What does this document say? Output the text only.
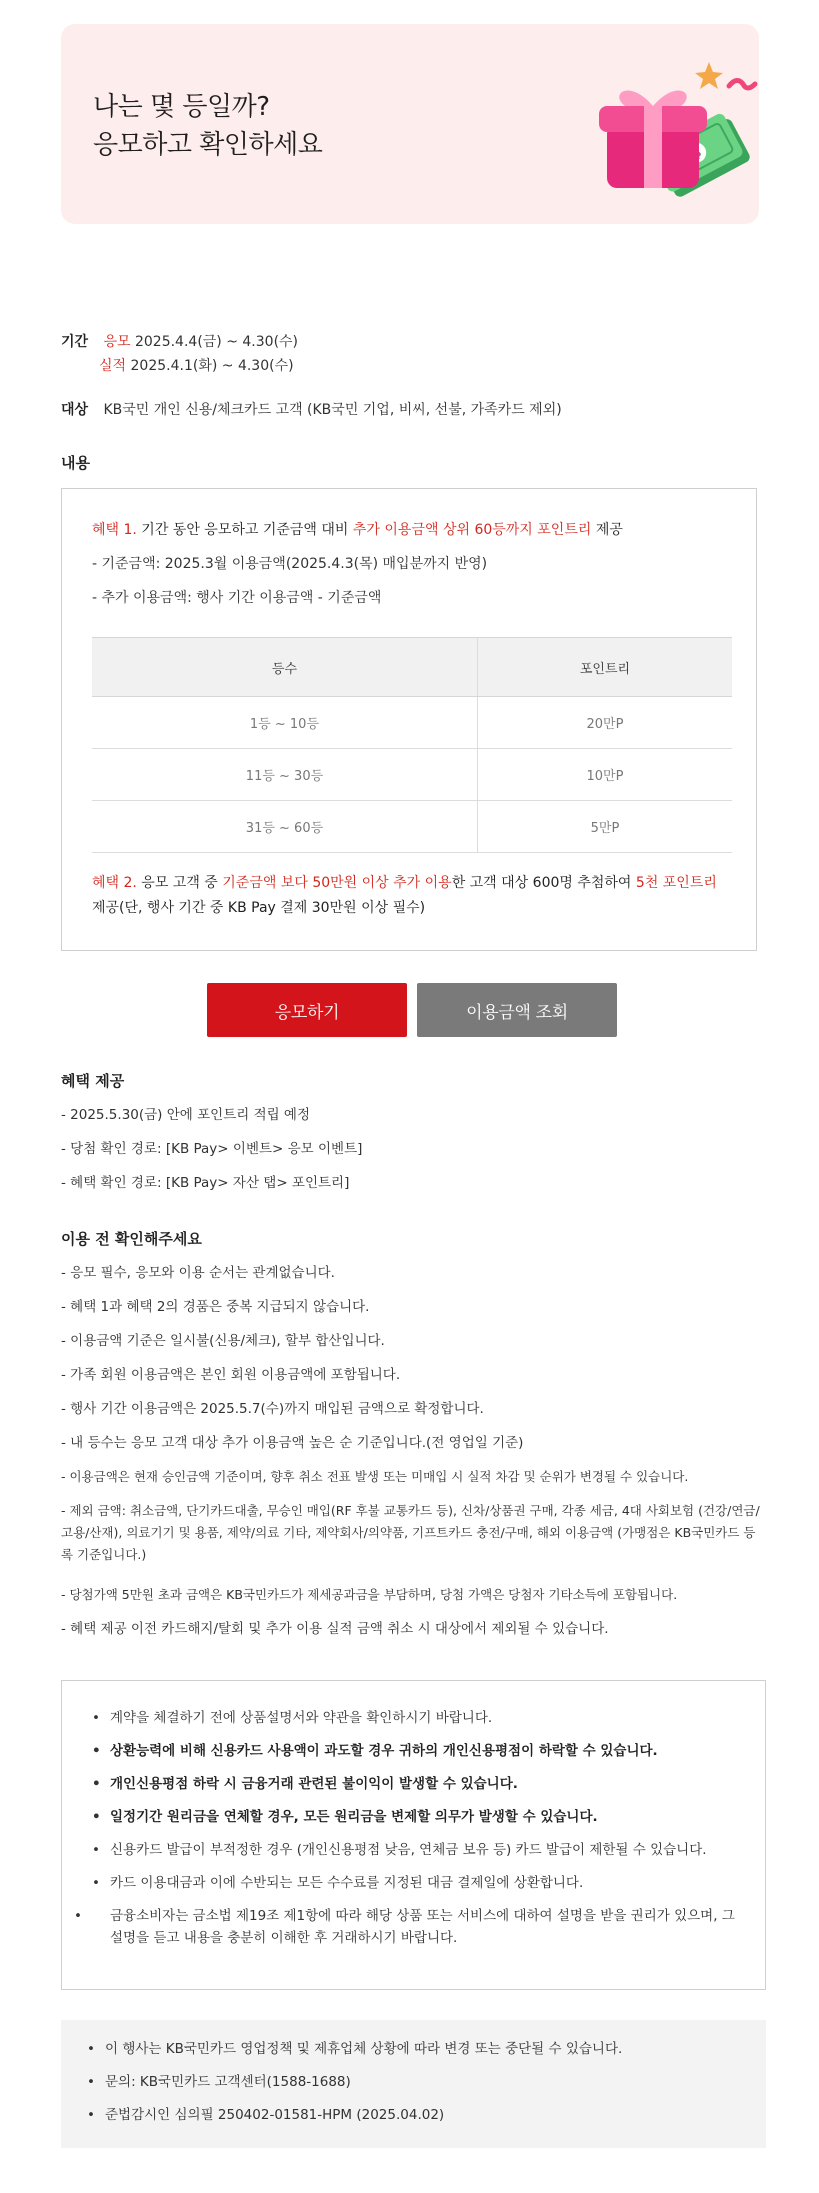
나는 몇 등일까?
응모하고 확인하세요
기간 응모 2025.4.4(금) ~ 4.30(수)
실적 2025.4.1(화) ~ 4.30(수)
대상 KB국민 개인 신용/체크카드 고객 (KB국민 기업, 비씨, 선불, 가족카드 제외)
내용
혜택 1. 기간 동안 응모하고 기준금액 대비 추가 이용금액 상위 60등까지 포인트리 제공
- 기준금액: 2025.3월 이용금액(2025.4.3(목) 매입분까지 반영)
- 추가 이용금액: 행사 기간 이용금액 - 기준금액
등수	포인트리
1등 ~ 10등	20만P
11등 ~ 30등	10만P
31등 ~ 60등	5만P
혜택 2. 응모 고객 중 기준금액 보다 50만원 이상 추가 이용한 고객 대상 600명 추첨하여 5천 포인트리
제공(단, 행사 기간 중 KB Pay 결제 30만원 이상 필수)
응모하기	이용금액 조회
혜택 제공
- 2025.5.30(금) 안에 포인트리 적립 예정
- 당첨 확인 경로: [KB Pay> 이벤트> 응모 이벤트]
- 혜택 확인 경로: [KB Pay> 자산 탭> 포인트리]
이용 전 확인해주세요
- 응모 필수, 응모와 이용 순서는 관계없습니다.
- 혜택 1과 혜택 2의 경품은 중복 지급되지 않습니다.
- 이용금액 기준은 일시불(신용/체크), 할부 합산입니다.
- 가족 회원 이용금액은 본인 회원 이용금액에 포함됩니다.
- 행사 기간 이용금액은 2025.5.7(수)까지 매입된 금액으로 확정합니다.
- 내 등수는 응모 고객 대상 추가 이용금액 높은 순 기준입니다.(전 영업일 기준)
- 이용금액은 현재 승인금액 기준이며, 향후 취소 전표 발생 또는 미매입 시 실적 차감 및 순위가 변경될 수 있습니다.
- 제외 금액: 취소금액, 단기카드대출, 무승인 매입(RF 후불 교통카드 등), 신차/상품권 구매, 각종 세금, 4대 사회보험 (건강/연금/고용/산재), 의료기기 및 용품, 제약/의료 기타, 제약회사/의약품, 기프트카드 충전/구매, 해외 이용금액 (가맹점은 KB국민카드 등록 기준입니다.)
- 당첨가액 5만원 초과 금액은 KB국민카드가 제세공과금을 부담하며, 당첨 가액은 당첨자 기타소득에 포함됩니다.
- 혜택 제공 이전 카드해지/탈회 및 추가 이용 실적 금액 취소 시 대상에서 제외될 수 있습니다.
• 계약을 체결하기 전에 상품설명서와 약관을 확인하시기 바랍니다.
• 상환능력에 비해 신용카드 사용액이 과도할 경우 귀하의 개인신용평점이 하락할 수 있습니다.
• 개인신용평점 하락 시 금융거래 관련된 불이익이 발생할 수 있습니다.
• 일정기간 원리금을 연체할 경우, 모든 원리금을 변제할 의무가 발생할 수 있습니다.
• 신용카드 발급이 부적정한 경우 (개인신용평점 낮음, 연체금 보유 등) 카드 발급이 제한될 수 있습니다.
• 카드 이용대금과 이에 수반되는 모든 수수료를 지정된 대금 결제일에 상환합니다.
• 금융소비자는 금소법 제19조 제1항에 따라 해당 상품 또는 서비스에 대하여 설명을 받을 권리가 있으며, 그 설명을 듣고 내용을 충분히 이해한 후 거래하시기 바랍니다.
• 이 행사는 KB국민카드 영업정책 및 제휴업체 상황에 따라 변경 또는 중단될 수 있습니다.
• 문의: KB국민카드 고객센터(1588-1688)
• 준법감시인 심의필 250402-01581-HPM (2025.04.02)
